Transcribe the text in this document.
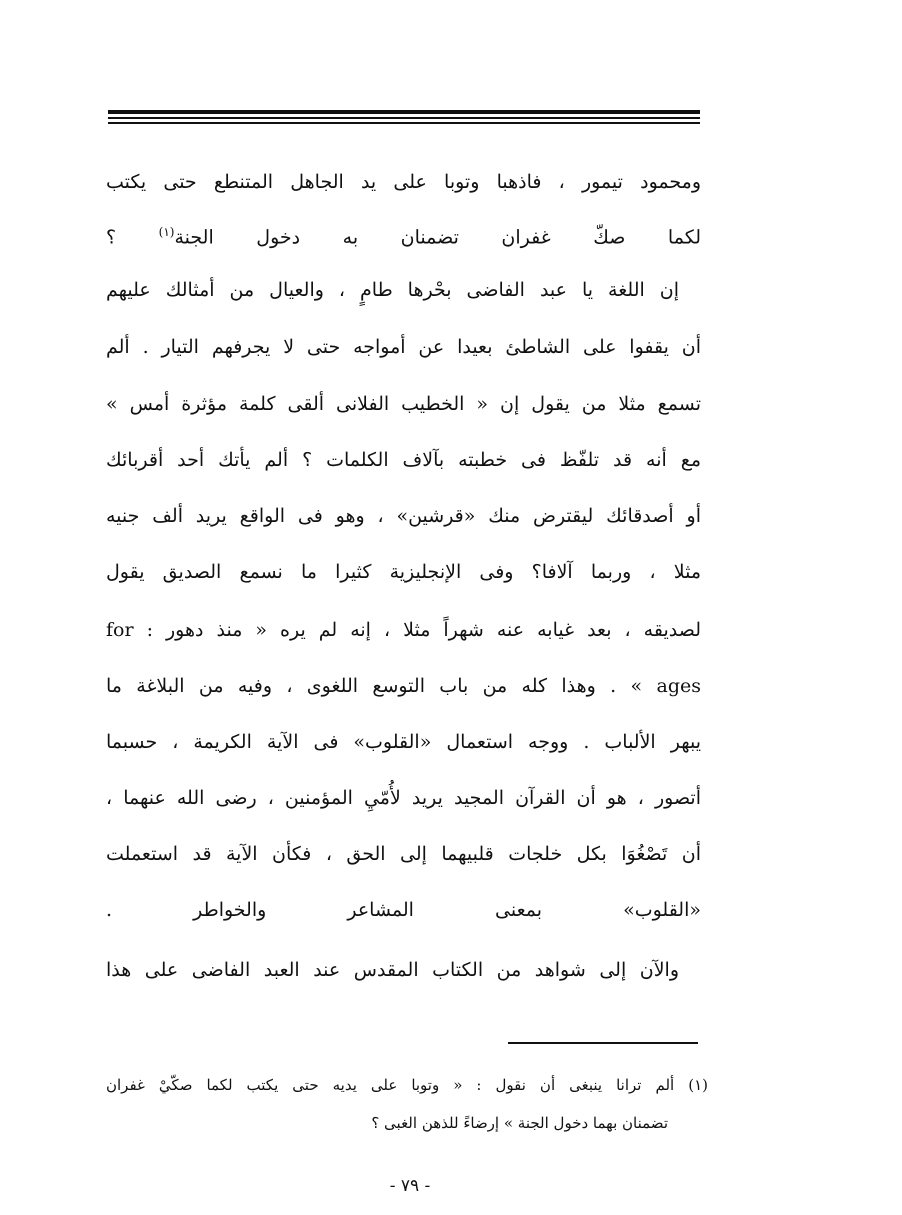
ومحمود تيمور ، فاذهبا وتوبا على يد الجاهل المتنطع حتى يكتب
لكما صكّ غفران تضمنان به دخول الجنة$^{(١)}$ ؟
إن اللغة يا عبد الفاضى بحْرها طامٍ ، والعيال من أمثالك عليهم
أن يقفوا على الشاطئ بعيدا عن أمواجه حتى لا يجرفهم التيار . ألم
تسمع مثلا من يقول إن « الخطيب الفلانى ألقى كلمة مؤثرة أمس »
مع أنه قد تلفّظ فى خطبته بآلاف الكلمات ؟ ألم يأتك أحد أقربائك
أو أصدقائك ليقترض منك «قرشين» ، وهو فى الواقع يريد ألف جنيه
مثلا ، وربما آلافا؟ وفى الإنجليزية كثيرا ما نسمع الصديق يقول
لصديقه ، بعد غيابه عنه شهراً مثلا ، إنه لم يره « منذ دهور : for
ages » . وهذا كله من باب التوسع اللغوى ، وفيه من البلاغة ما
يبهر الألباب . ووجه استعمال «القلوب» فى الآية الكريمة ، حسبما
أتصور ، هو أن القرآن المجيد يريد لأُمّيِ المؤمنين ، رضى الله عنهما ،
أن تَصْغُوَا بكل خلجات قلبيهما إلى الحق ، فكأن الآية قد استعملت
«القلوب» بمعنى المشاعر والخواطر .
والآن إلى شواهد من الكتاب المقدس عند العبد الفاضى على هذا
(١) ألم ترانا ينبغى أن نقول : « وتوبا على يديه حتى يكتب لكما صكّيْ غفران
تضمنان بهما دخول الجنة » إرضاءً للذهن الغبى ؟
- ٧٩ -
